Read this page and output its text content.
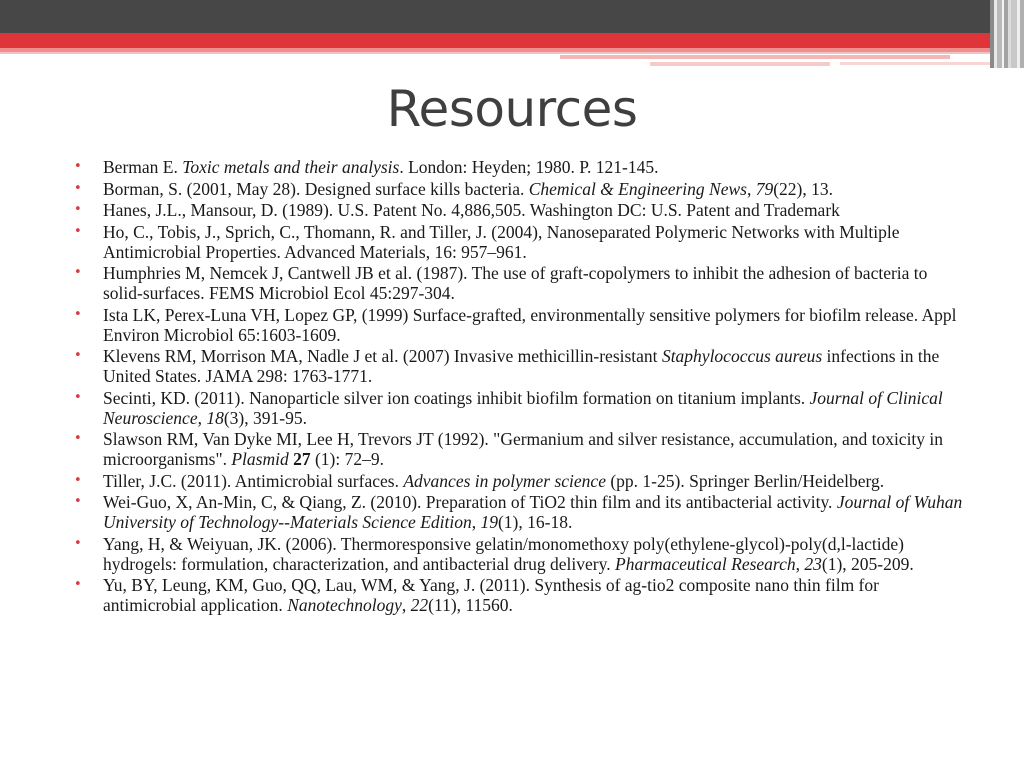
Resources
• Berman E. Toxic metals and their analysis. London: Heyden; 1980. P. 121-145.
• Borman, S. (2001, May 28). Designed surface kills bacteria. Chemical & Engineering News, 79(22), 13.
• Hanes, J.L., Mansour, D. (1989). U.S. Patent No. 4,886,505. Washington DC: U.S. Patent and Trademark
• Ho, C., Tobis, J., Sprich, C., Thomann, R. and Tiller, J. (2004), Nanoseparated Polymeric Networks with Multiple Antimicrobial Properties. Advanced Materials, 16: 957–961.
• Humphries M, Nemcek J, Cantwell JB et al. (1987). The use of graft-copolymers to inhibit the adhesion of bacteria to solid-surfaces. FEMS Microbiol Ecol 45:297-304.
• Ista LK, Perex-Luna VH, Lopez GP, (1999) Surface-grafted, environmentally sensitive polymers for biofilm release. Appl Environ Microbiol 65:1603-1609.
• Klevens RM, Morrison MA, Nadle J et al. (2007) Invasive methicillin-resistant Staphylococcus aureus infections in the United States. JAMA 298: 1763-1771.
• Secinti, KD. (2011). Nanoparticle silver ion coatings inhibit biofilm formation on titanium implants. Journal of Clinical Neuroscience, 18(3), 391-95.
• Slawson RM, Van Dyke MI, Lee H, Trevors JT (1992). "Germanium and silver resistance, accumulation, and toxicity in microorganisms". Plasmid 27 (1): 72–9.
• Tiller, J.C. (2011). Antimicrobial surfaces. Advances in polymer science (pp. 1-25). Springer Berlin/Heidelberg.
• Wei-Guo, X, An-Min, C, & Qiang, Z. (2010). Preparation of TiO2 thin film and its antibacterial activity. Journal of Wuhan University of Technology--Materials Science Edition, 19(1), 16-18.
• Yang, H, & Weiyuan, JK. (2006). Thermoresponsive gelatin/monomethoxy poly(ethylene-glycol)-poly(d,l-lactide) hydrogels: formulation, characterization, and antibacterial drug delivery. Pharmaceutical Research, 23(1), 205-209.
• Yu, BY, Leung, KM, Guo, QQ, Lau, WM, & Yang, J. (2011). Synthesis of ag-tio2 composite nano thin film for antimicrobial application. Nanotechnology, 22(11), 11560.
